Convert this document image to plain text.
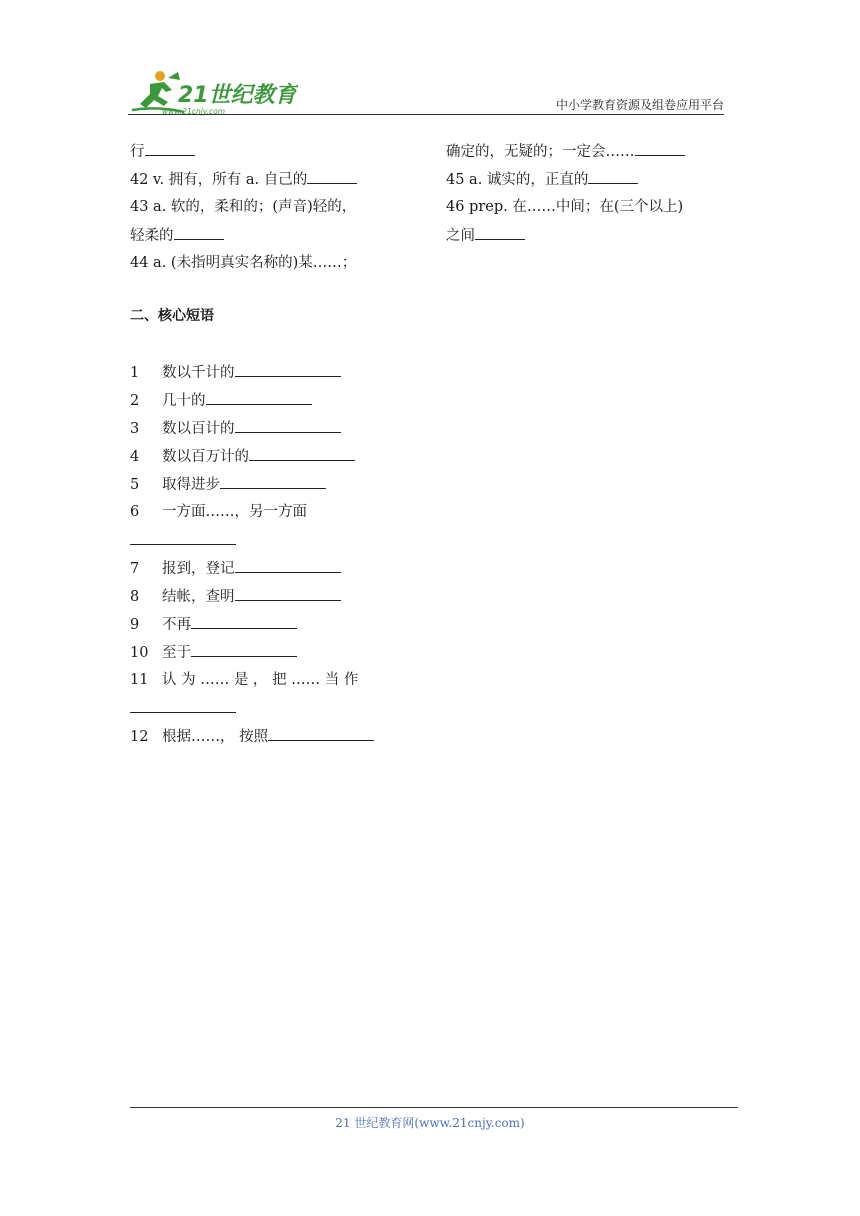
21世纪教育
www.21cnjy.com	中小学教育资源及组卷应用平台
行
42 v. 拥有，所有 a. 自己的
43 a. 软的，柔和的；(声音)轻的，
轻柔的
44 a. (未指明真实名称的)某……；
确定的，无疑的；一定会……
45 a. 诚实的，正直的
46 prep. 在……中间；在(三个以上)
之间
二、核心短语
1 数以千计的
2 几十的
3 数以百计的
4 数以百万计的
5 取得进步
6 一方面……，另一方面
7 报到，登记
8 结帐，查明
9 不再
10 至于
11 认 为 …… 是 ， 把 …… 当 作
12 根据……， 按照
21 世纪教育网(www.21cnjy.com)
